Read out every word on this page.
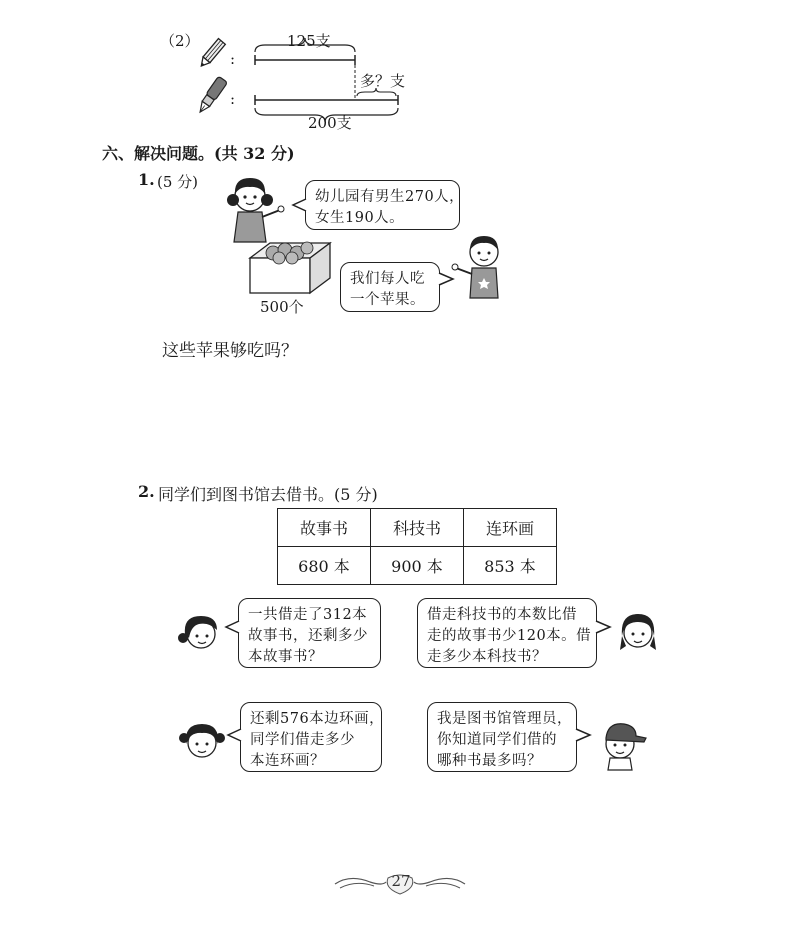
（2）
:
:
125支
多？支
200支
六、解决问题。(共 32 分)
1. (5 分)
幼儿园有男生270人，
女生190人。
500个
我们每人吃
一个苹果。
这些苹果够吃吗？
2. 同学们到图书馆去借书。(5 分)
故事书	科技书	连环画
680 本	900 本	853 本
一共借走了312本
故事书，还剩多少
本故事书？
借走科技书的本数比借
走的故事书少120本。借
走多少本科技书？
还剩576本边环画，
同学们借走多少
本连环画？
我是图书馆管理员，
你知道同学们借的
哪种书最多吗？
27
